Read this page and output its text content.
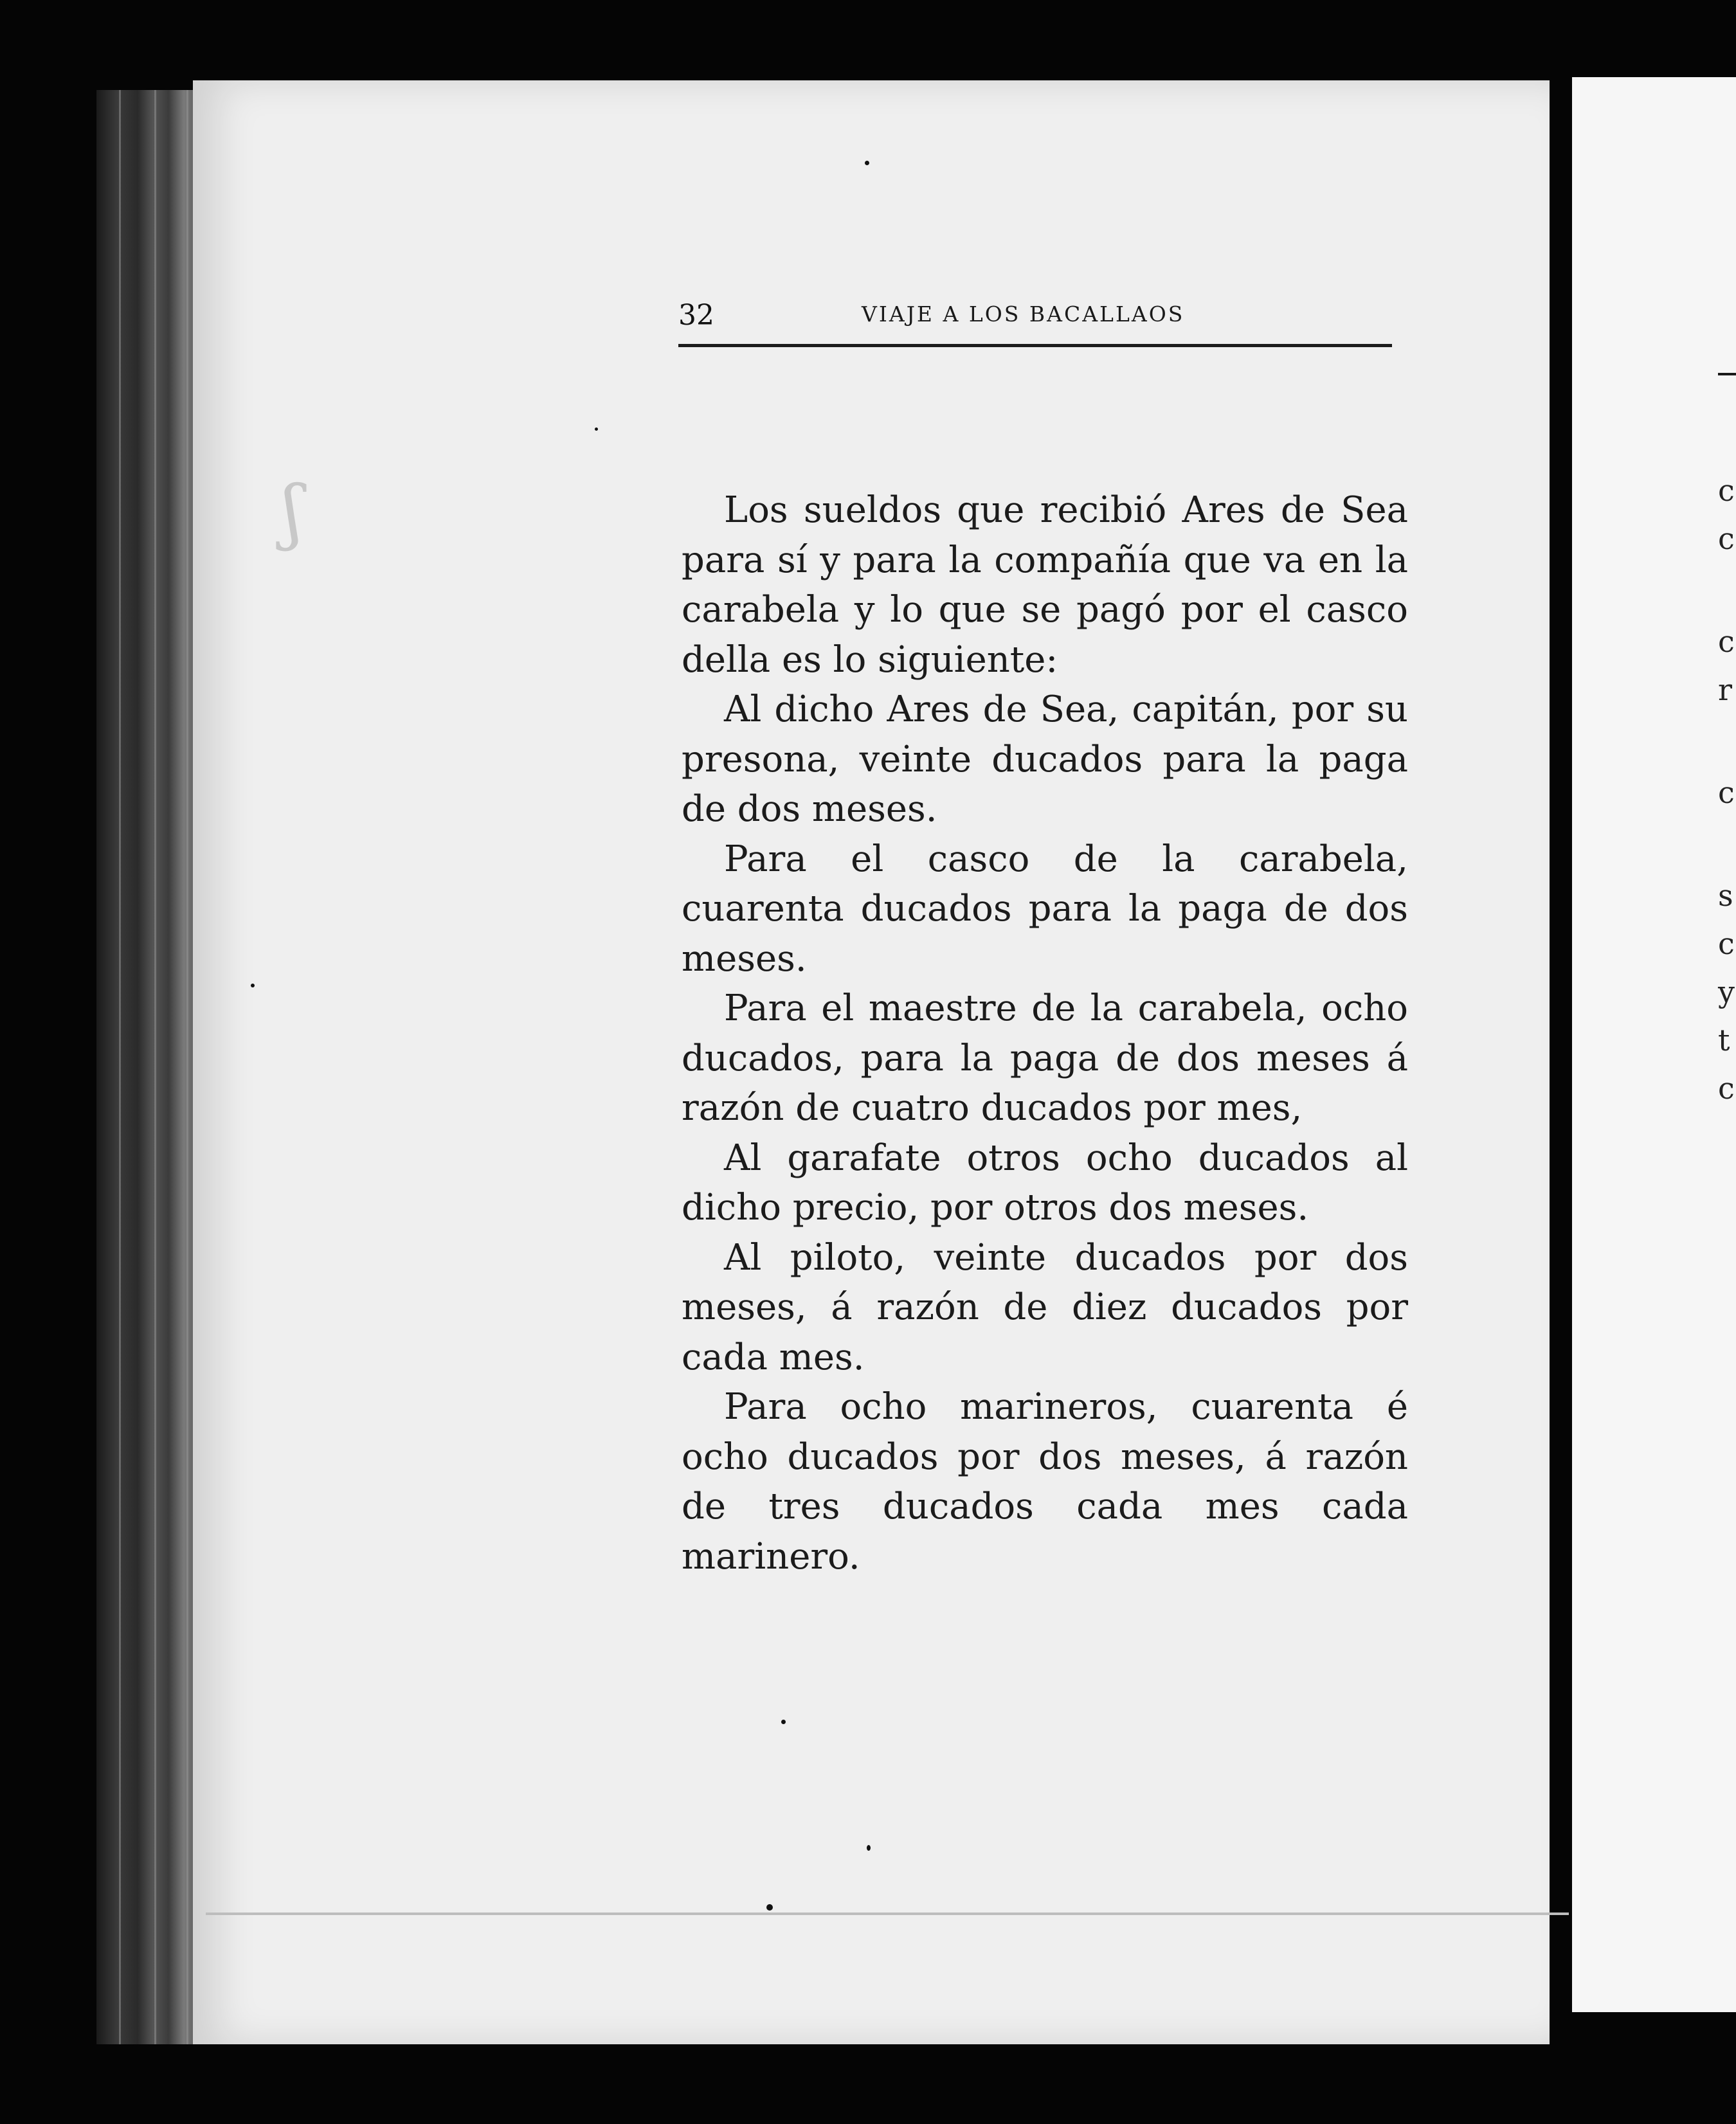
c
c
c
r
c
s
c
y
t
c
ʃ
32	VIAJE A LOS BACALLAOS

Los sueldos que recibió Ares de Sea para sí y para la compañía que va en la carabela y lo que se pagó por el casco della es lo siguiente:

Al dicho Ares de Sea, capitán, por su presona, veinte ducados para la paga de dos meses.

Para el casco de la carabela, cuarenta ducados para la paga de dos meses.

Para el maestre de la carabela, ocho ducados, para la paga de dos meses á razón de cuatro ducados por mes,

Al garafate otros ocho ducados al dicho precio, por otros dos meses.

Al piloto, veinte ducados por dos meses, á razón de diez ducados por cada mes.

Para ocho marineros, cuarenta é ocho ducados por dos meses, á razón de tres ducados cada mes cada marinero.
